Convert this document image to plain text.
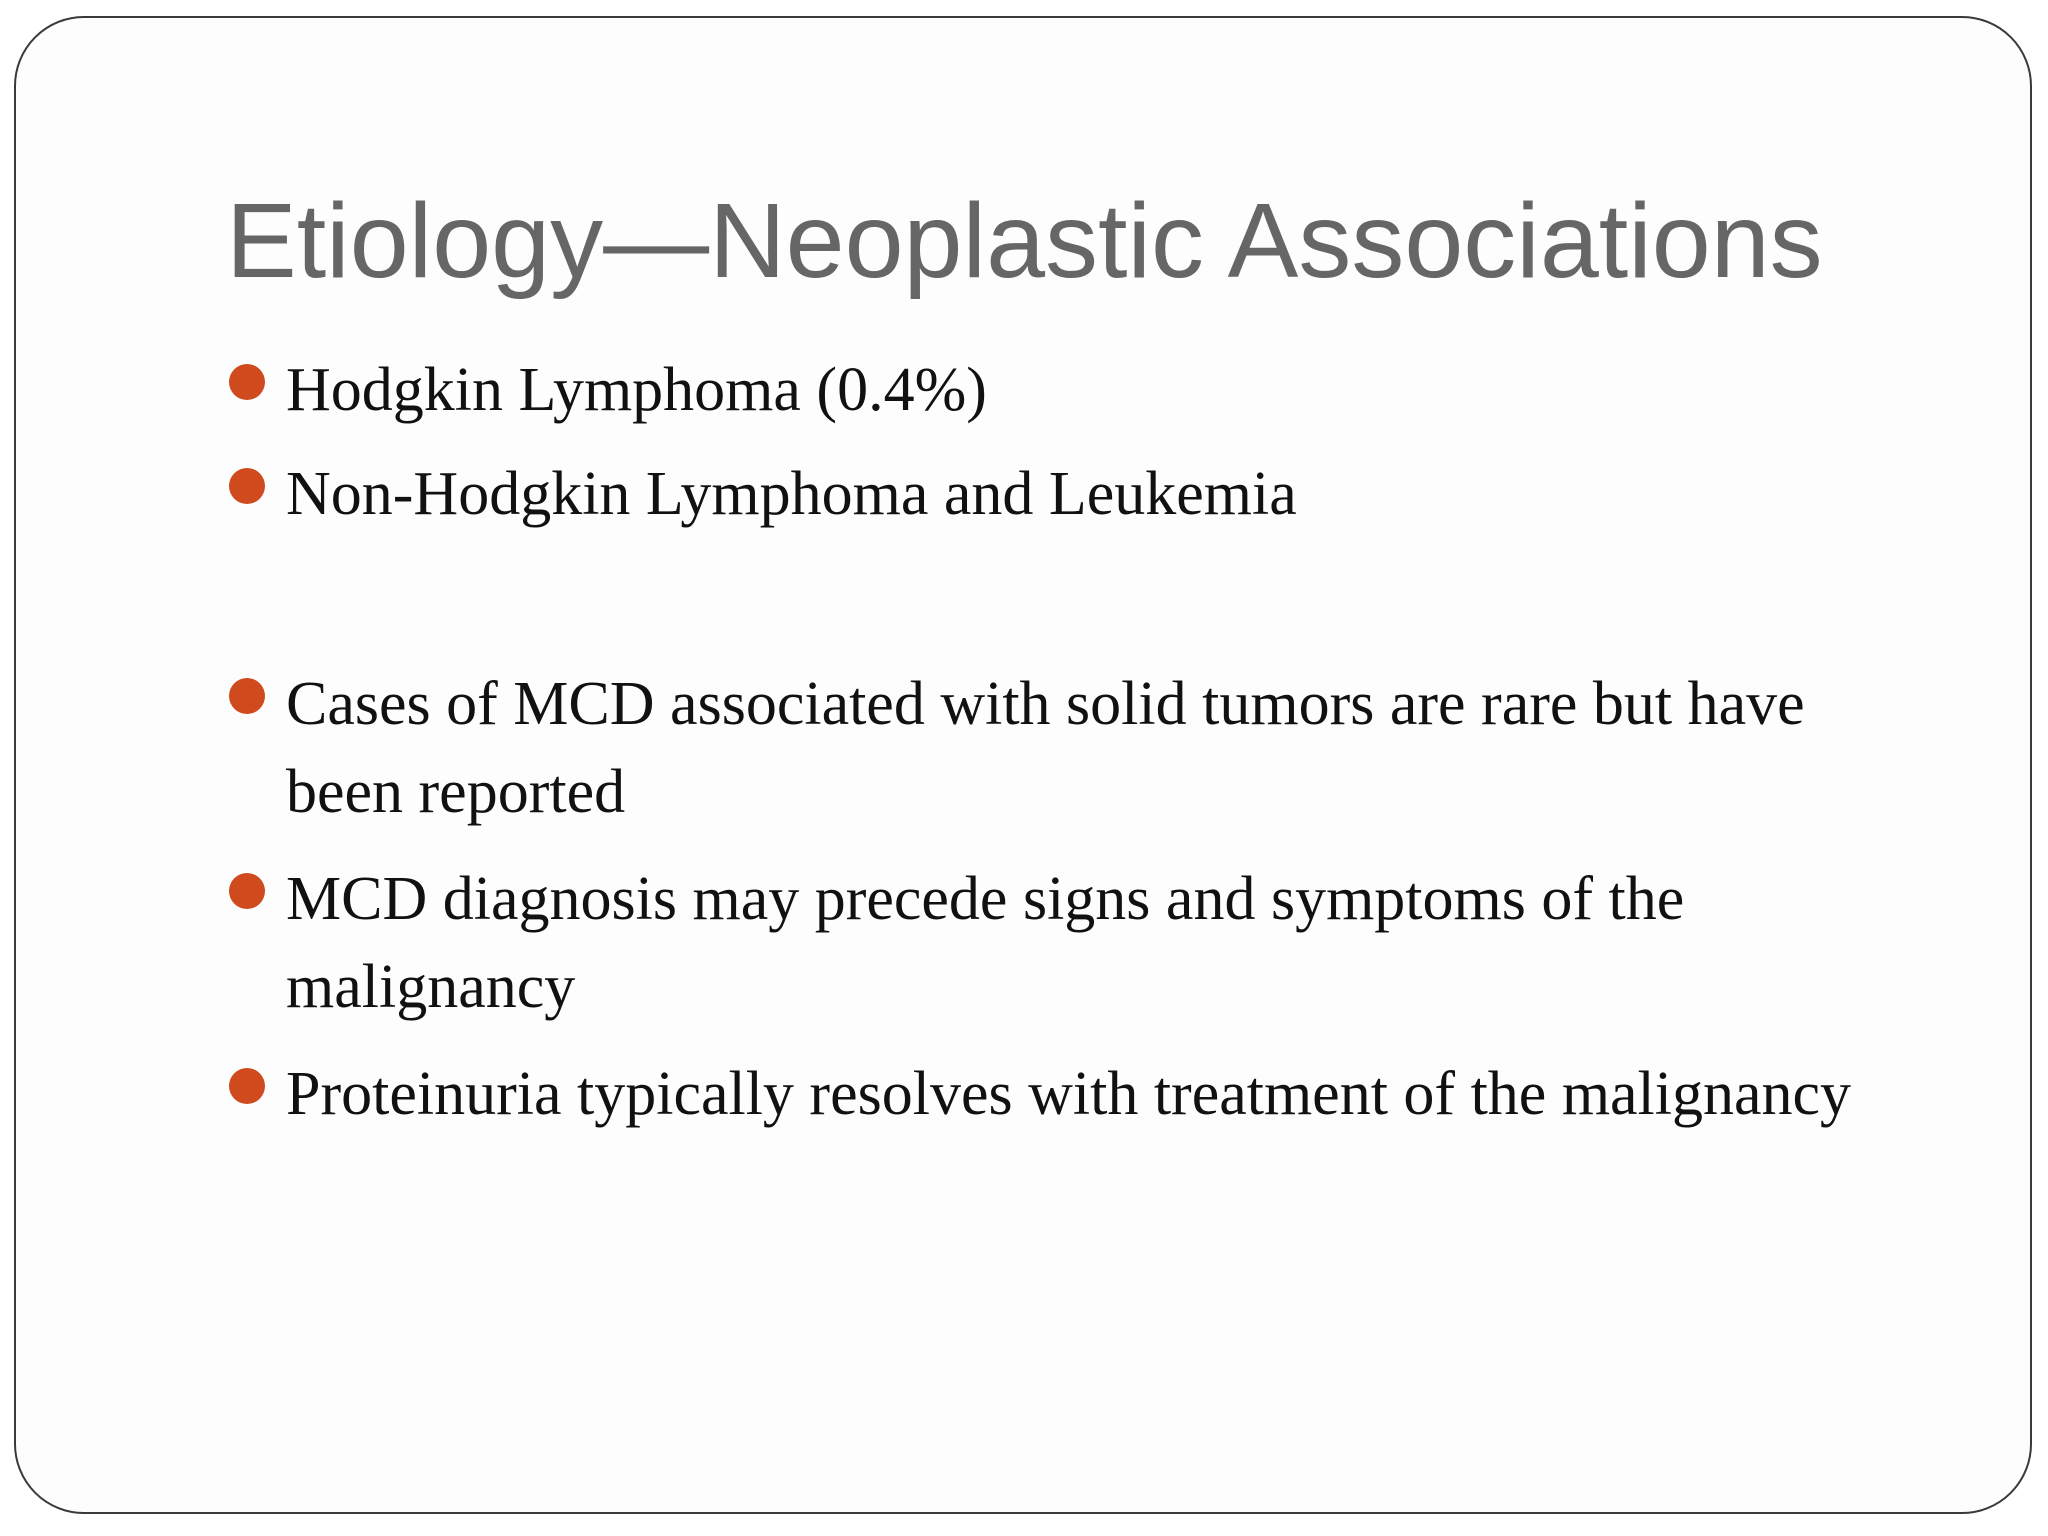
Etiology—Neoplastic Associations
Hodgkin Lymphoma (0.4%)
Non-Hodgkin Lymphoma and Leukemia
Cases of MCD associated with solid tumors are rare but have been reported
MCD diagnosis may precede signs and symptoms of the malignancy
Proteinuria typically resolves with treatment of the malignancy
